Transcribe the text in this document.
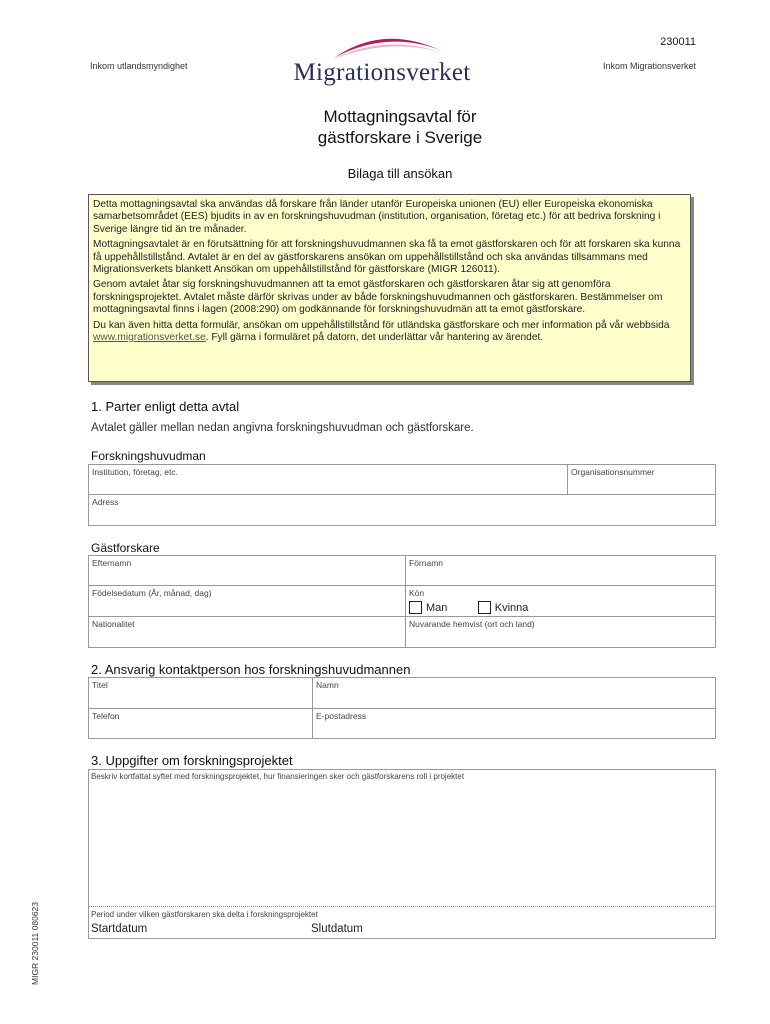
230011
Inkom utlandsmyndighet	Inkom Migrationsverket
Migrationsverket
Mottagningsavtal för
gästforskare i Sverige
Bilaga till ansökan

Detta mottagningsavtal ska användas då forskare från länder utanför Europeiska unionen (EU) eller Europeiska ekonomiska samarbetsområdet (EES) bjudits in av en forskningshuvudman (institution, organisation, företag etc.) för att bedriva forskning i Sverige längre tid än tre månader.

Mottagningsavtalet är en förutsättning för att forskningshuvudmannen ska få ta emot gästforskaren och för att forskaren ska kunna få uppehållstillstånd. Avtalet är en del av gästforskarens ansökan om uppehållstillstånd och ska användas tillsammans med Migrationsverkets blankett Ansökan om uppehållstillstånd för gästforskare (MIGR 126011).

Genom avtalet åtar sig forskningshuvudmannen att ta emot gästforskaren och gästforskaren åtar sig att genomföra forskningsprojektet. Avtalet måste därför skrivas under av både forskningshuvudmannen och gästforskaren. Bestämmelser om mottagningsavtal finns i lagen (2008:290) om godkännande för forskningshuvudmän att ta emot gästforskare.

Du kan även hitta detta formulär, ansökan om uppehållstillstånd för utländska gästforskare och mer information på vår webbsida www.migrationsverket.se. Fyll gärna i formuläret på datorn, det underlättar vår hantering av ärendet.

1. Parter enligt detta avtal
Avtalet gäller mellan nedan angivna forskningshuvudman och gästforskare.
Forskningshuvudman
Institution, företag, etc.	Organisationsnummer
Adress
Gästforskare
Efternamn	Förnamn
Födelsedatum (År, månad, dag)	Kön
Man Kvinna

Nationalitet	Nuvarande hemvist (ort och land)
2. Ansvarig kontaktperson hos forskningshuvudmannen
Titel	Namn
Telefon	E-postadress
3. Uppgifter om forskningsprojektet
Beskriv kortfattat syftet med forskningsprojektet, hur finansieringen sker och gästforskarens roll i projektet
Period under vilken gästforskaren ska delta i forskningsprojektet
Startdatum	Slutdatum
MIGR 230011 080623
